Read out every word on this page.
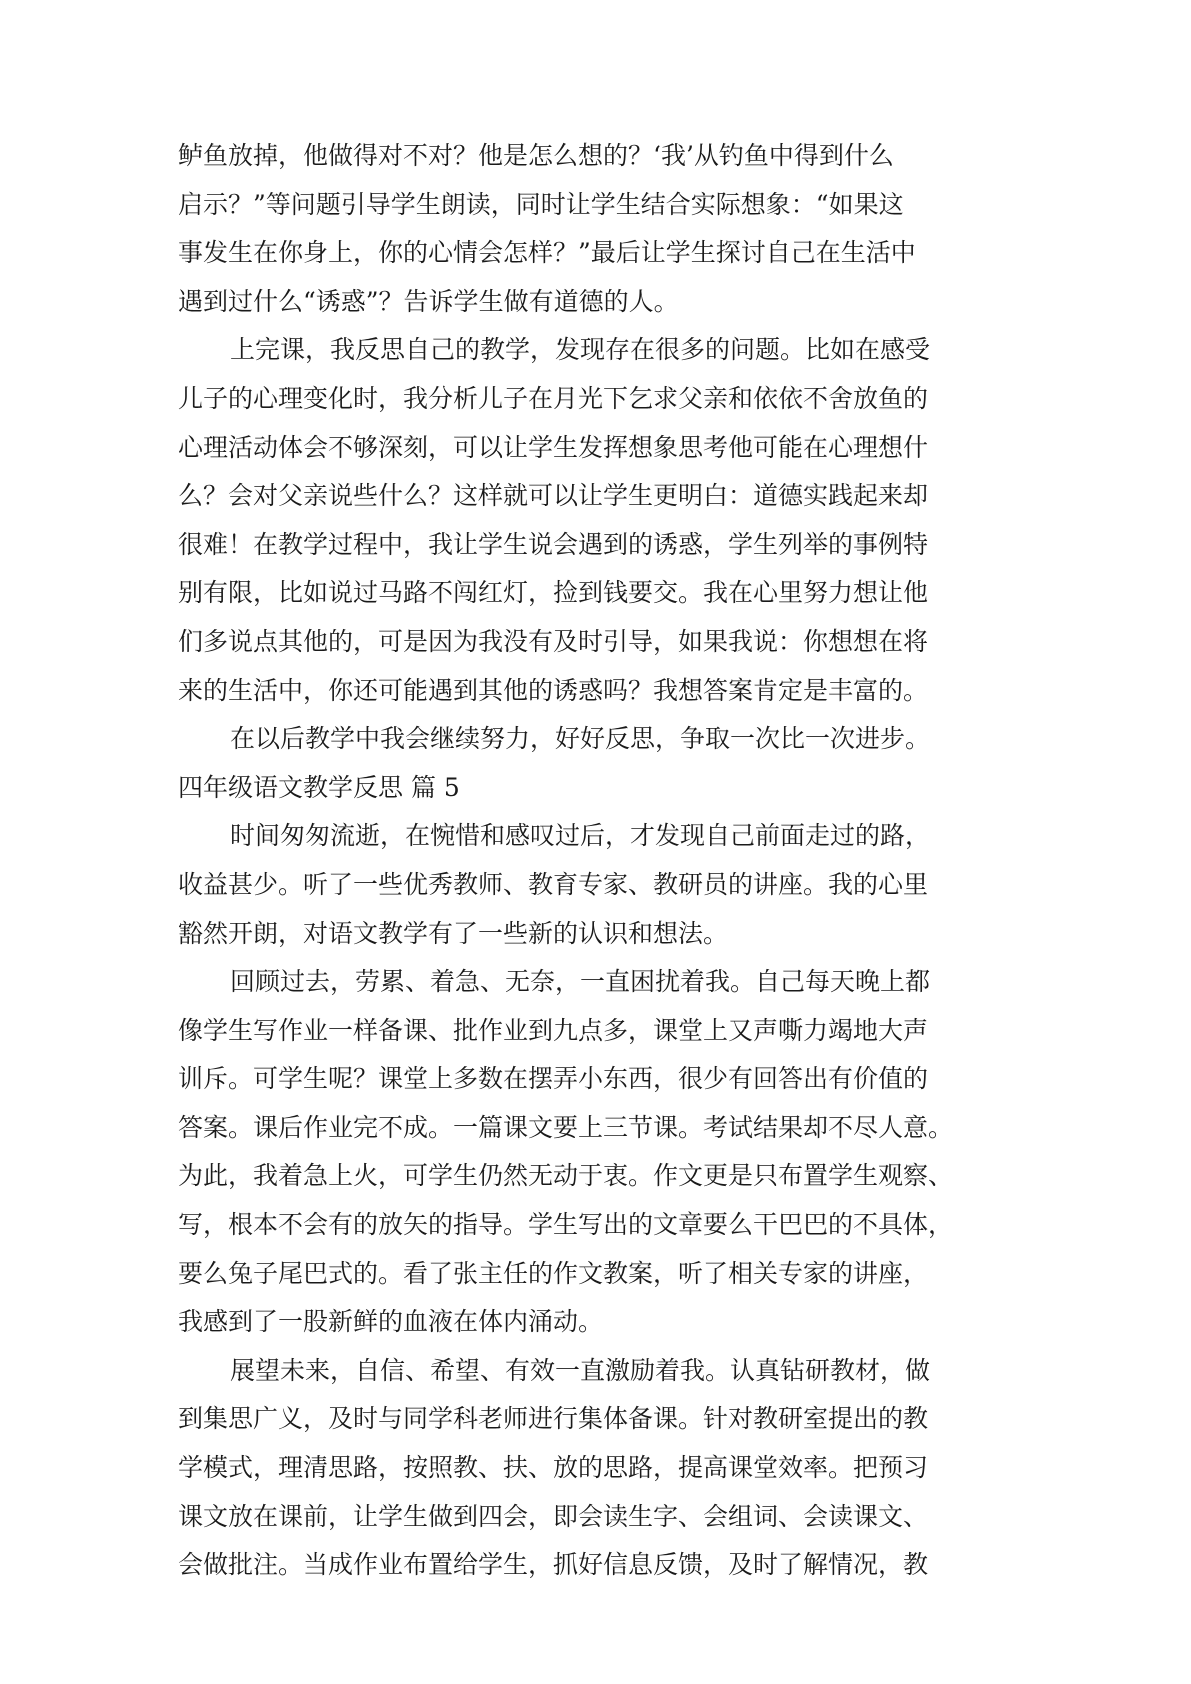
鲈鱼放掉，他做得对不对？他是怎么想的？‘我’从钓鱼中得到什么
启示？”等问题引导学生朗读，同时让学生结合实际想象：“如果这
事发生在你身上，你的心情会怎样？”最后让学生探讨自己在生活中
遇到过什么“诱惑”？告诉学生做有道德的人。
上完课，我反思自己的教学，发现存在很多的问题。比如在感受
儿子的心理变化时，我分析儿子在月光下乞求父亲和依依不舍放鱼的
心理活动体会不够深刻，可以让学生发挥想象思考他可能在心理想什
么？会对父亲说些什么？这样就可以让学生更明白：道德实践起来却
很难！在教学过程中，我让学生说会遇到的诱惑，学生列举的事例特
别有限，比如说过马路不闯红灯，捡到钱要交。我在心里努力想让他
们多说点其他的，可是因为我没有及时引导，如果我说：你想想在将
来的生活中，你还可能遇到其他的诱惑吗？我想答案肯定是丰富的。
在以后教学中我会继续努力，好好反思，争取一次比一次进步。
四年级语文教学反思 篇 5
时间匆匆流逝，在惋惜和感叹过后，才发现自己前面走过的路，
收益甚少。听了一些优秀教师、教育专家、教研员的讲座。我的心里
豁然开朗，对语文教学有了一些新的认识和想法。
回顾过去，劳累、着急、无奈，一直困扰着我。自己每天晚上都
像学生写作业一样备课、批作业到九点多，课堂上又声嘶力竭地大声
训斥。可学生呢？课堂上多数在摆弄小东西，很少有回答出有价值的
答案。课后作业完不成。一篇课文要上三节课。考试结果却不尽人意。
为此，我着急上火，可学生仍然无动于衷。作文更是只布置学生观察、
写，根本不会有的放矢的指导。学生写出的文章要么干巴巴的不具体，
要么兔子尾巴式的。看了张主任的作文教案，听了相关专家的讲座，
我感到了一股新鲜的血液在体内涌动。
展望未来，自信、希望、有效一直激励着我。认真钻研教材，做
到集思广义，及时与同学科老师进行集体备课。针对教研室提出的教
学模式，理清思路，按照教、扶、放的思路，提高课堂效率。把预习
课文放在课前，让学生做到四会，即会读生字、会组词、会读课文、
会做批注。当成作业布置给学生，抓好信息反馈，及时了解情况，教
